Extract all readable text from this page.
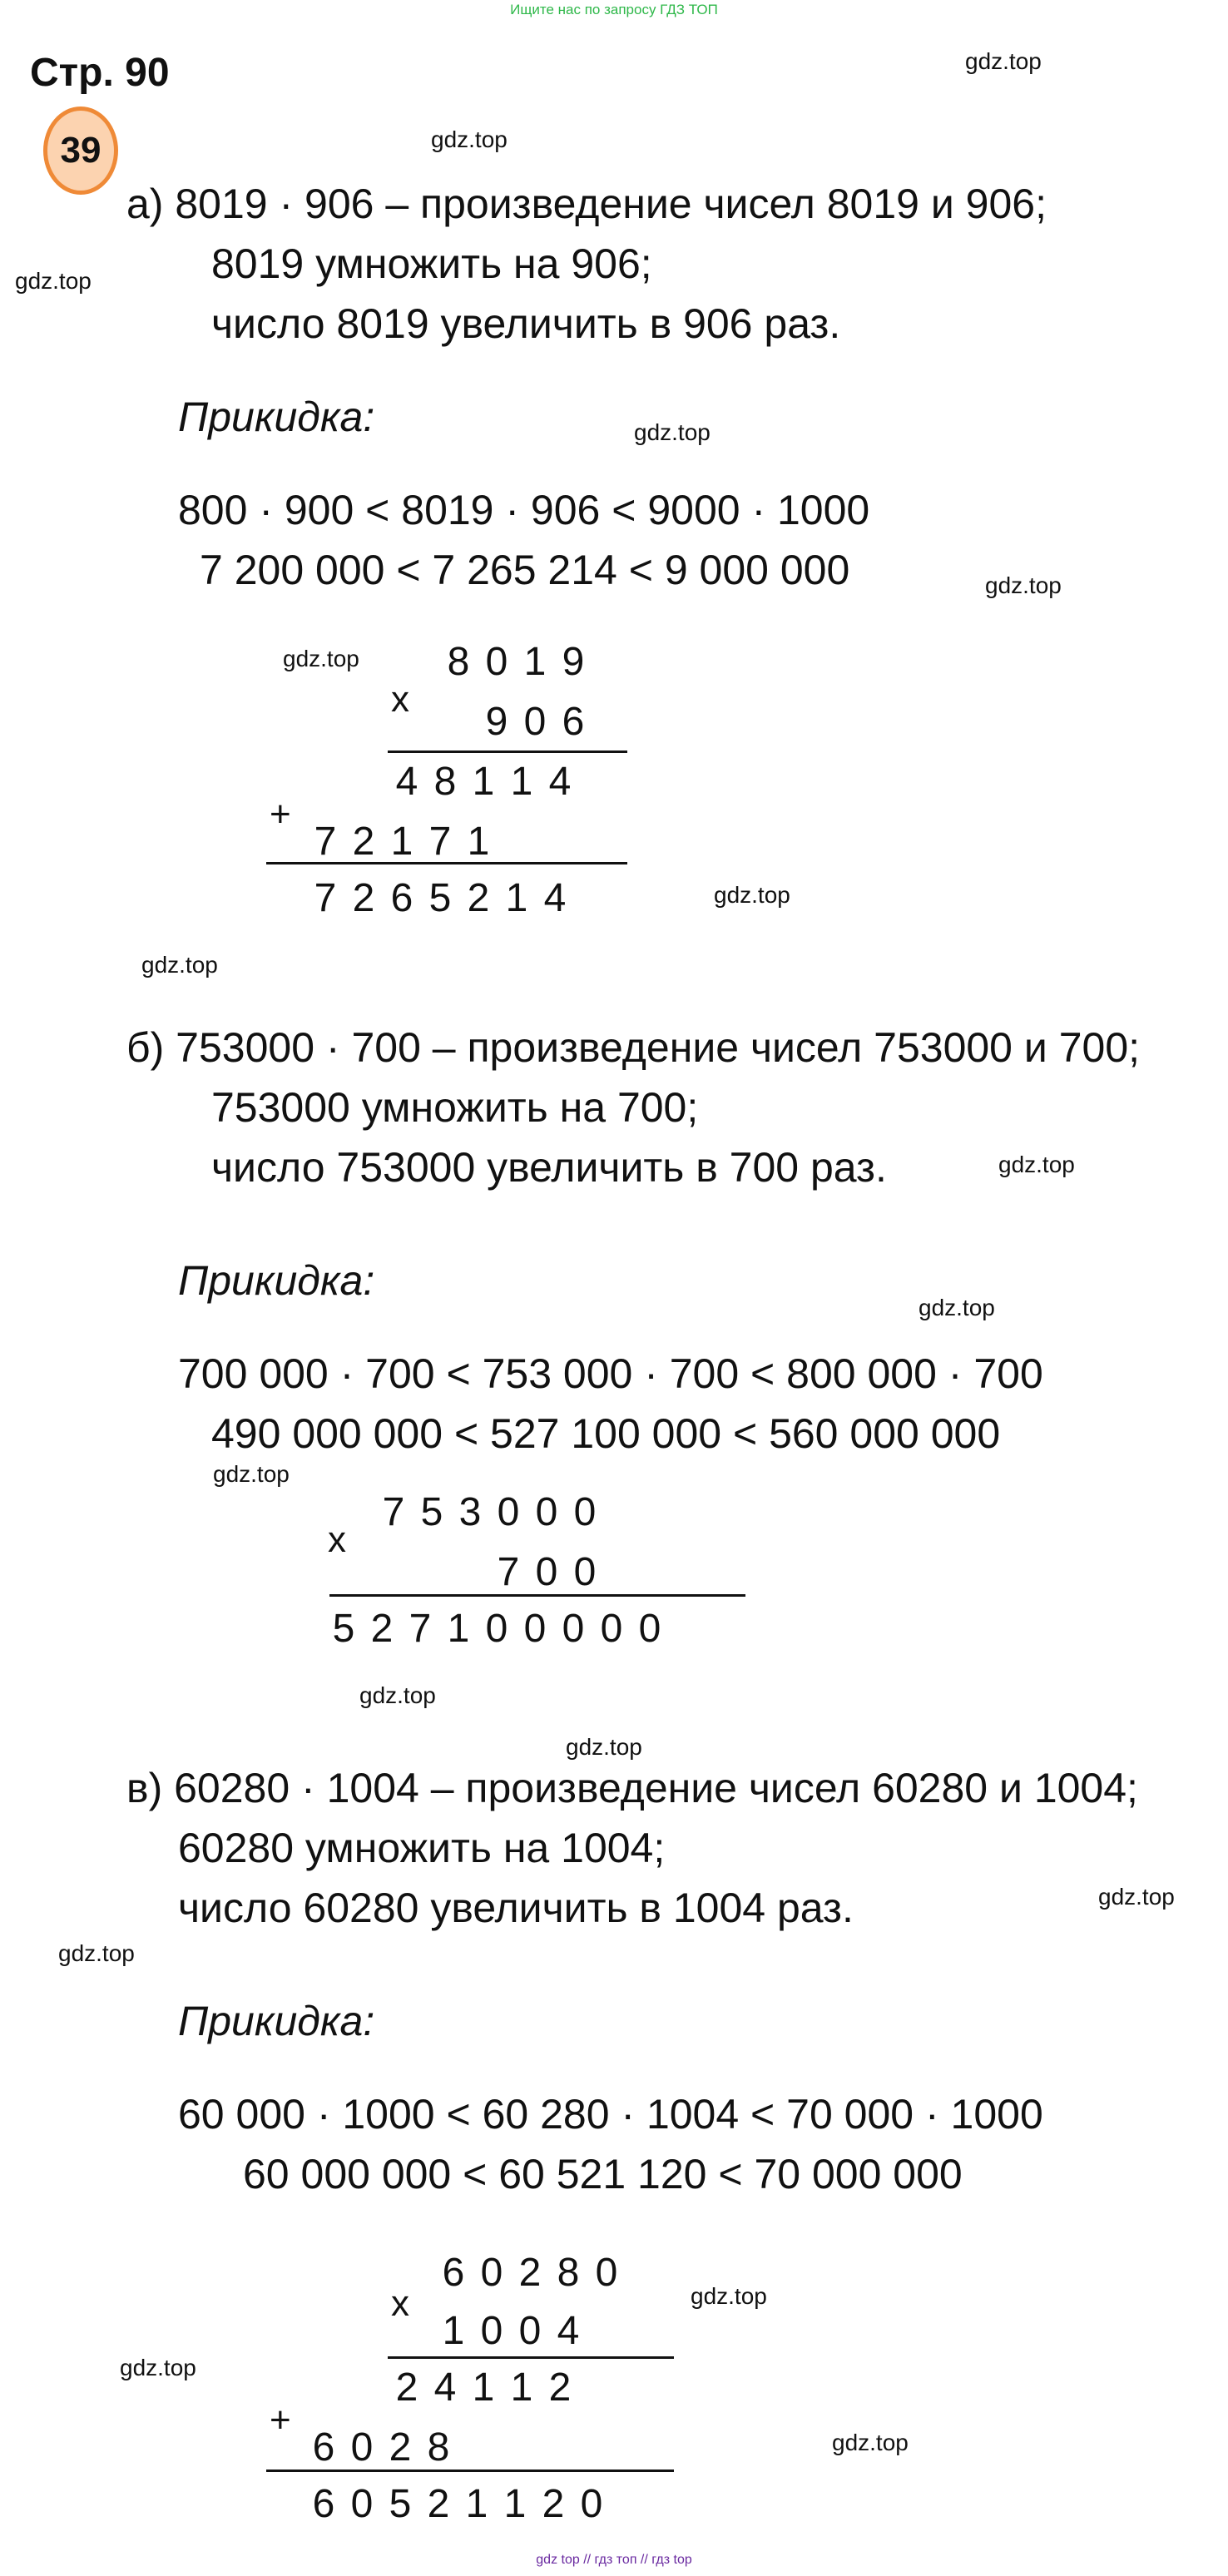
Ищите нас по запросу ГДЗ ТОП
Стр. 90
39
gdz.top
gdz.top
gdz.top
gdz.top
gdz.top
gdz.top
gdz.top
gdz.top
gdz.top
gdz.top
gdz.top
gdz.top
gdz.top
gdz.top
gdz.top
gdz.top
gdz.top
gdz.top
а) 8019 · 906 – произведение чисел 8019 и 906;
8019 умножить на 906;
число 8019 увеличить в 906 раз.
Прикидка:
800 · 900 < 8019 · 906 < 9000 · 1000
7 200 000 < 7 265 214 < 9 000 000
x
8 0 1 9
9 0 6
4 8 1 1 4
+
7 2 1 7 1
7 2 6 5 2 1 4
б) 753000 · 700 – произведение чисел 753000 и 700;
753000 умножить на 700;
число 753000 увеличить в 700 раз.
Прикидка:
700 000 · 700 < 753 000 · 700 < 800 000 · 700
490 000 000 < 527 100 000 < 560 000 000
x
7 5 3 0 0 0
7 0 0
5 2 7 1 0 0 0 0 0
в) 60280 · 1004 – произведение чисел 60280 и 1004;
60280 умножить на 1004;
число 60280 увеличить в 1004 раз.
Прикидка:
60 000 · 1000 < 60 280 · 1004 < 70 000 · 1000
60 000 000 < 60 521 120 < 70 000 000
x
6 0 2 8 0
1 0 0 4
2 4 1 1 2
+
6 0 2 8
6 0 5 2 1 1 2 0
gdz top // гдз топ // гдз top
